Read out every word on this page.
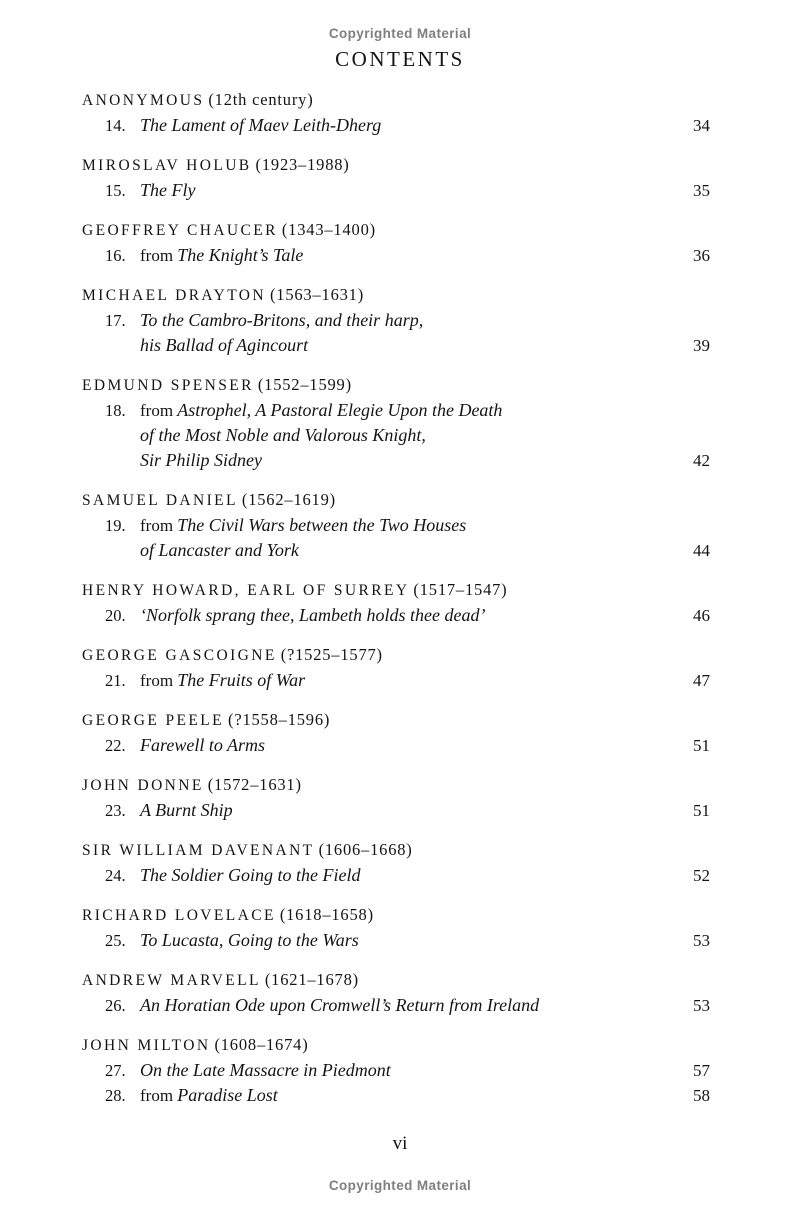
Copyrighted Material
CONTENTS
ANONYMOUS (12th century)
14. The Lament of Maev Leith-Dherg	34
MIROSLAV HOLUB (1923–1988)
15. The Fly	35
GEOFFREY CHAUCER (1343–1400)
16. from The Knight’s Tale	36
MICHAEL DRAYTON (1563–1631)
17. To the Cambro-Britons, and their harp,
his Ballad of Agincourt	39
EDMUND SPENSER (1552–1599)
18. from Astrophel, A Pastoral Elegie Upon the Death
of the Most Noble and Valorous Knight,
Sir Philip Sidney	42
SAMUEL DANIEL (1562–1619)
19. from The Civil Wars between the Two Houses
of Lancaster and York	44
HENRY HOWARD, EARL OF SURREY (1517–1547)
20. ‘Norfolk sprang thee, Lambeth holds thee dead’	46
GEORGE GASCOIGNE (?1525–1577)
21. from The Fruits of War	47
GEORGE PEELE (?1558–1596)
22. Farewell to Arms	51
JOHN DONNE (1572–1631)
23. A Burnt Ship	51
SIR WILLIAM DAVENANT (1606–1668)
24. The Soldier Going to the Field	52
RICHARD LOVELACE (1618–1658)
25. To Lucasta, Going to the Wars	53
ANDREW MARVELL (1621–1678)
26. An Horatian Ode upon Cromwell’s Return from Ireland	53
JOHN MILTON (1608–1674)
27. On the Late Massacre in Piedmont	57
28. from Paradise Lost	58
vi
Copyrighted Material
